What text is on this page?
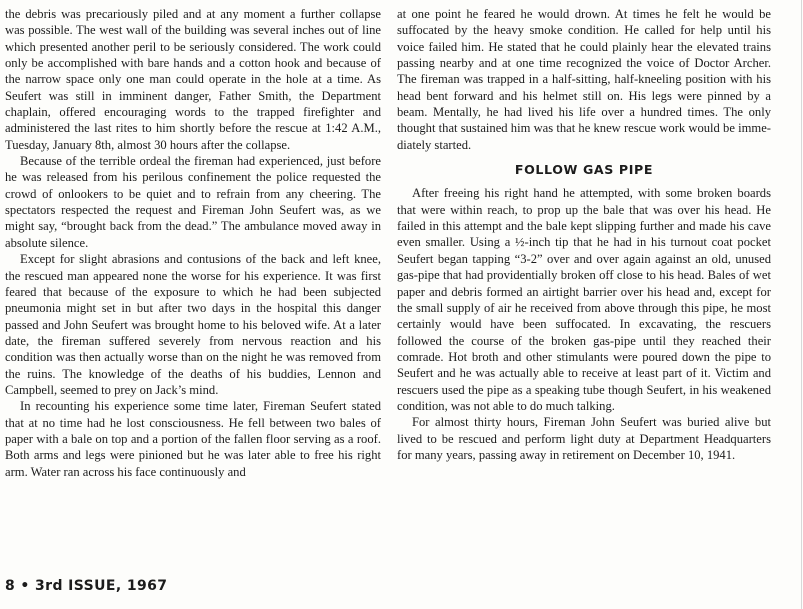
the debris was precariously piled and at any moment a further collapse was possible. The west wall of the building was several inches out of line which presented another peril to be seriously considered. The work could only be accomplished with bare hands and a cotton hook and because of the narrow space only one man could operate in the hole at a time. As Seufert was still in imminent danger, Father Smith, the Department chaplain, offered encouraging words to the trapped firefighter and administered the last rites to him shortly before the rescue at 1:42 A.M., Tuesday, January 8th, almost 30 hours after the collapse.

Because of the terrible ordeal the fireman had experienced, just before he was released from his perilous confinement the police requested the crowd of onlookers to be quiet and to refrain from any cheering. The spectators respected the request and Fireman John Seufert was, as we might say, “brought back from the dead.” The ambulance moved away in absolute silence.

Except for slight abrasions and contusions of the back and left knee, the rescued man appeared none the worse for his experience. It was first feared that because of the exposure to which he had been subjected pneumonia might set in but after two days in the hospital this danger passed and John Seufert was brought home to his beloved wife. At a later date, the fireman suffered severely from nervous reaction and his condition was then actually worse than on the night he was removed from the ruins. The knowledge of the deaths of his buddies, Lennon and Campbell, seemed to prey on Jack’s mind.

In recounting his experience some time later, Fireman Seufert stated that at no time had he lost consciousness. He fell between two bales of paper with a bale on top and a portion of the fallen floor serving as a roof. Both arms and legs were pinioned but he was later able to free his right arm. Water ran across his face continuously and

at one point he feared he would drown. At times he felt he would be suffocated by the heavy smoke condition. He called for help until his voice failed him. He stated that he could plainly hear the elevated trains passing nearby and at one time recognized the voice of Doctor Archer. The fireman was trapped in a half-sitting, half-kneeling position with his head bent forward and his helmet still on. His legs were pinned by a beam. Mentally, he had lived his life over a hundred times. The only thought that sustained him was that he knew rescue work would be immediately started.

FOLLOW GAS PIPE

After freeing his right hand he attempted, with some broken boards that were within reach, to prop up the bale that was over his head. He failed in this attempt and the bale kept slipping further and made his cave even smaller. Using a ½-inch tip that he had in his turnout coat pocket Seufert began tapping “3-2” over and over again against an old, unused gas-pipe that had providentially broken off close to his head. Bales of wet paper and debris formed an airtight barrier over his head and, except for the small supply of air he received from above through this pipe, he most certainly would have been suffocated. In excavating, the rescuers followed the course of the broken gas-pipe until they reached their comrade. Hot broth and other stimulants were poured down the pipe to Seufert and he was actually able to receive at least part of it. Victim and rescuers used the pipe as a speaking tube though Seufert, in his weakened condition, was not able to do much talking.

For almost thirty hours, Fireman John Seufert was buried alive but lived to be rescued and perform light duty at Department Headquarters for many years, passing away in retirement on December 10, 1941.

8 • 3rd ISSUE, 1967
